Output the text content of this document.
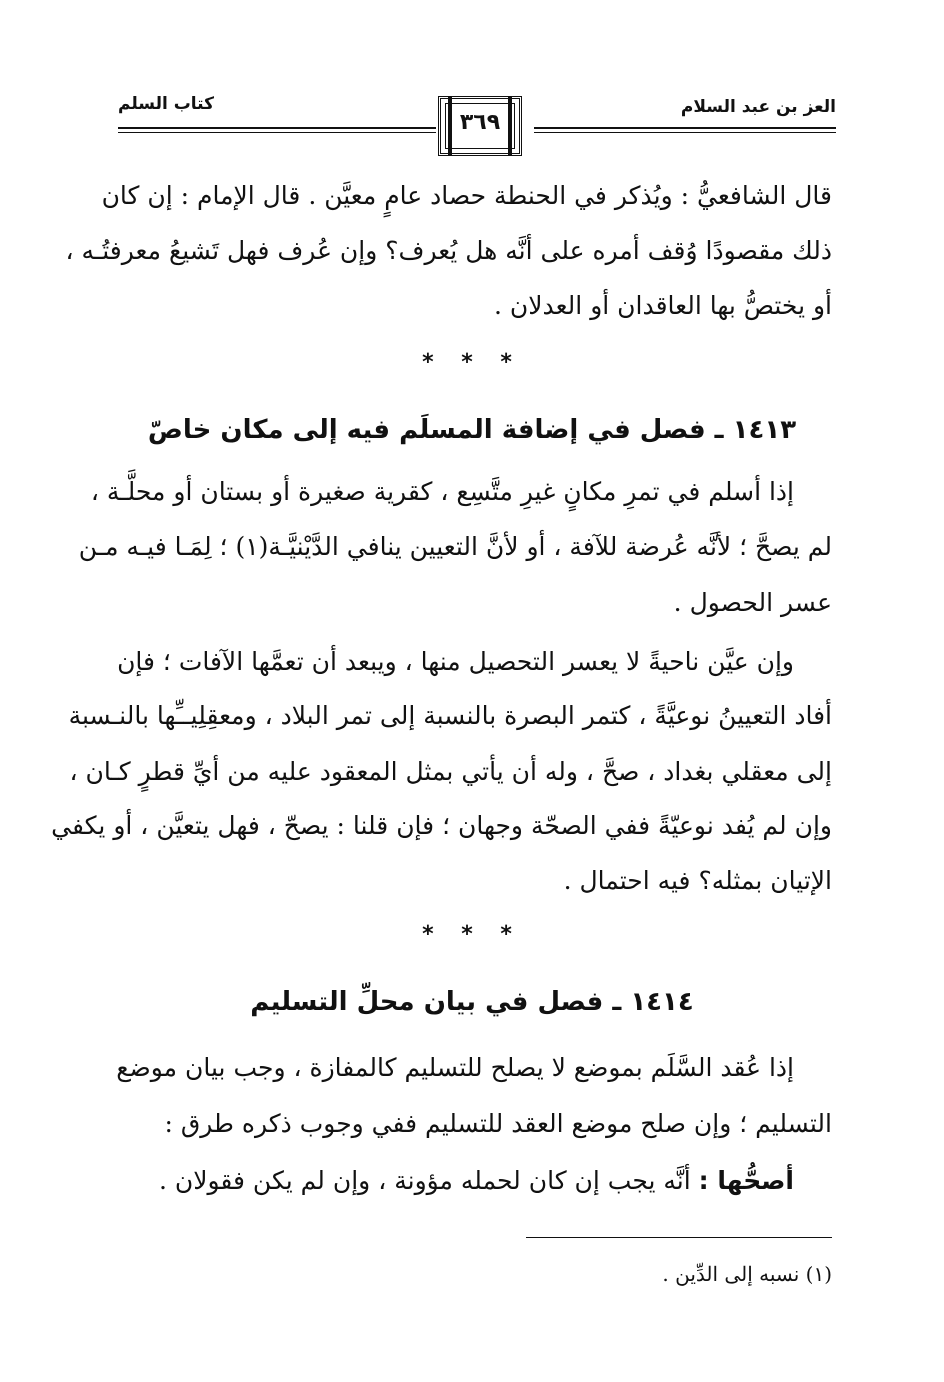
العز بن عبد السلام
كتاب السلم
٣٦٩
قال الشافعيُّ : ويُذكر في الحنطة حصاد عامٍ معيَّن . قال الإمام : إن كان
ذلك مقصودًا وُقف أمره على أنَّه هل يُعرف؟ وإن عُرف فهل تَشيعُ معرفتُـه ،
أو يختصُّ بها العاقدان أو العدلان .
* * *
١٤١٣ ـ فصل في إضافة المسلَم فيه إلى مكان خاصّ
إذا أسلم في تمرِ مكانٍ غيرِ متَّسِع ، كقرية صغيرة أو بستان أو محلَّـة ،
لم يصحَّ ؛ لأنَّه عُرضة للآفة ، أو لأنَّ التعيين ينافي الدَّيْنيَّـة(١) ؛ لِمَـا فيـه مـن
عسر الحصول .
وإن عيَّن ناحيةً لا يعسر التحصيل منها ، ويبعد أن تعمَّها الآفات ؛ فإن
أفاد التعيينُ نوعيَّةً ، كتمر البصرة بالنسبة إلى تمر البلاد ، ومعقِلِيــِّها بالنـسبة
إلى معقلي بغداد ، صحَّ ، وله أن يأتي بمثل المعقود عليه من أيِّ قطرٍ كـان ،
وإن لم يُفد نوعيّةً ففي الصحّة وجهان ؛ فإن قلنا : يصحّ ، فهل يتعيَّن ، أو يكفي
الإتيان بمثله؟ فيه احتمال .
* * *
١٤١٤ ـ فصل في بيان محلِّ التسليم
إذا عُقد السَّلَم بموضع لا يصلح للتسليم كالمفازة ، وجب بيان موضع
التسليم ؛ وإن صلح موضع العقد للتسليم ففي وجوب ذكره طرق :
أصحُّها : أنَّه يجب إن كان لحمله مؤونة ، وإن لم يكن فقولان .
(١) نسبه إلى الدِّين .
